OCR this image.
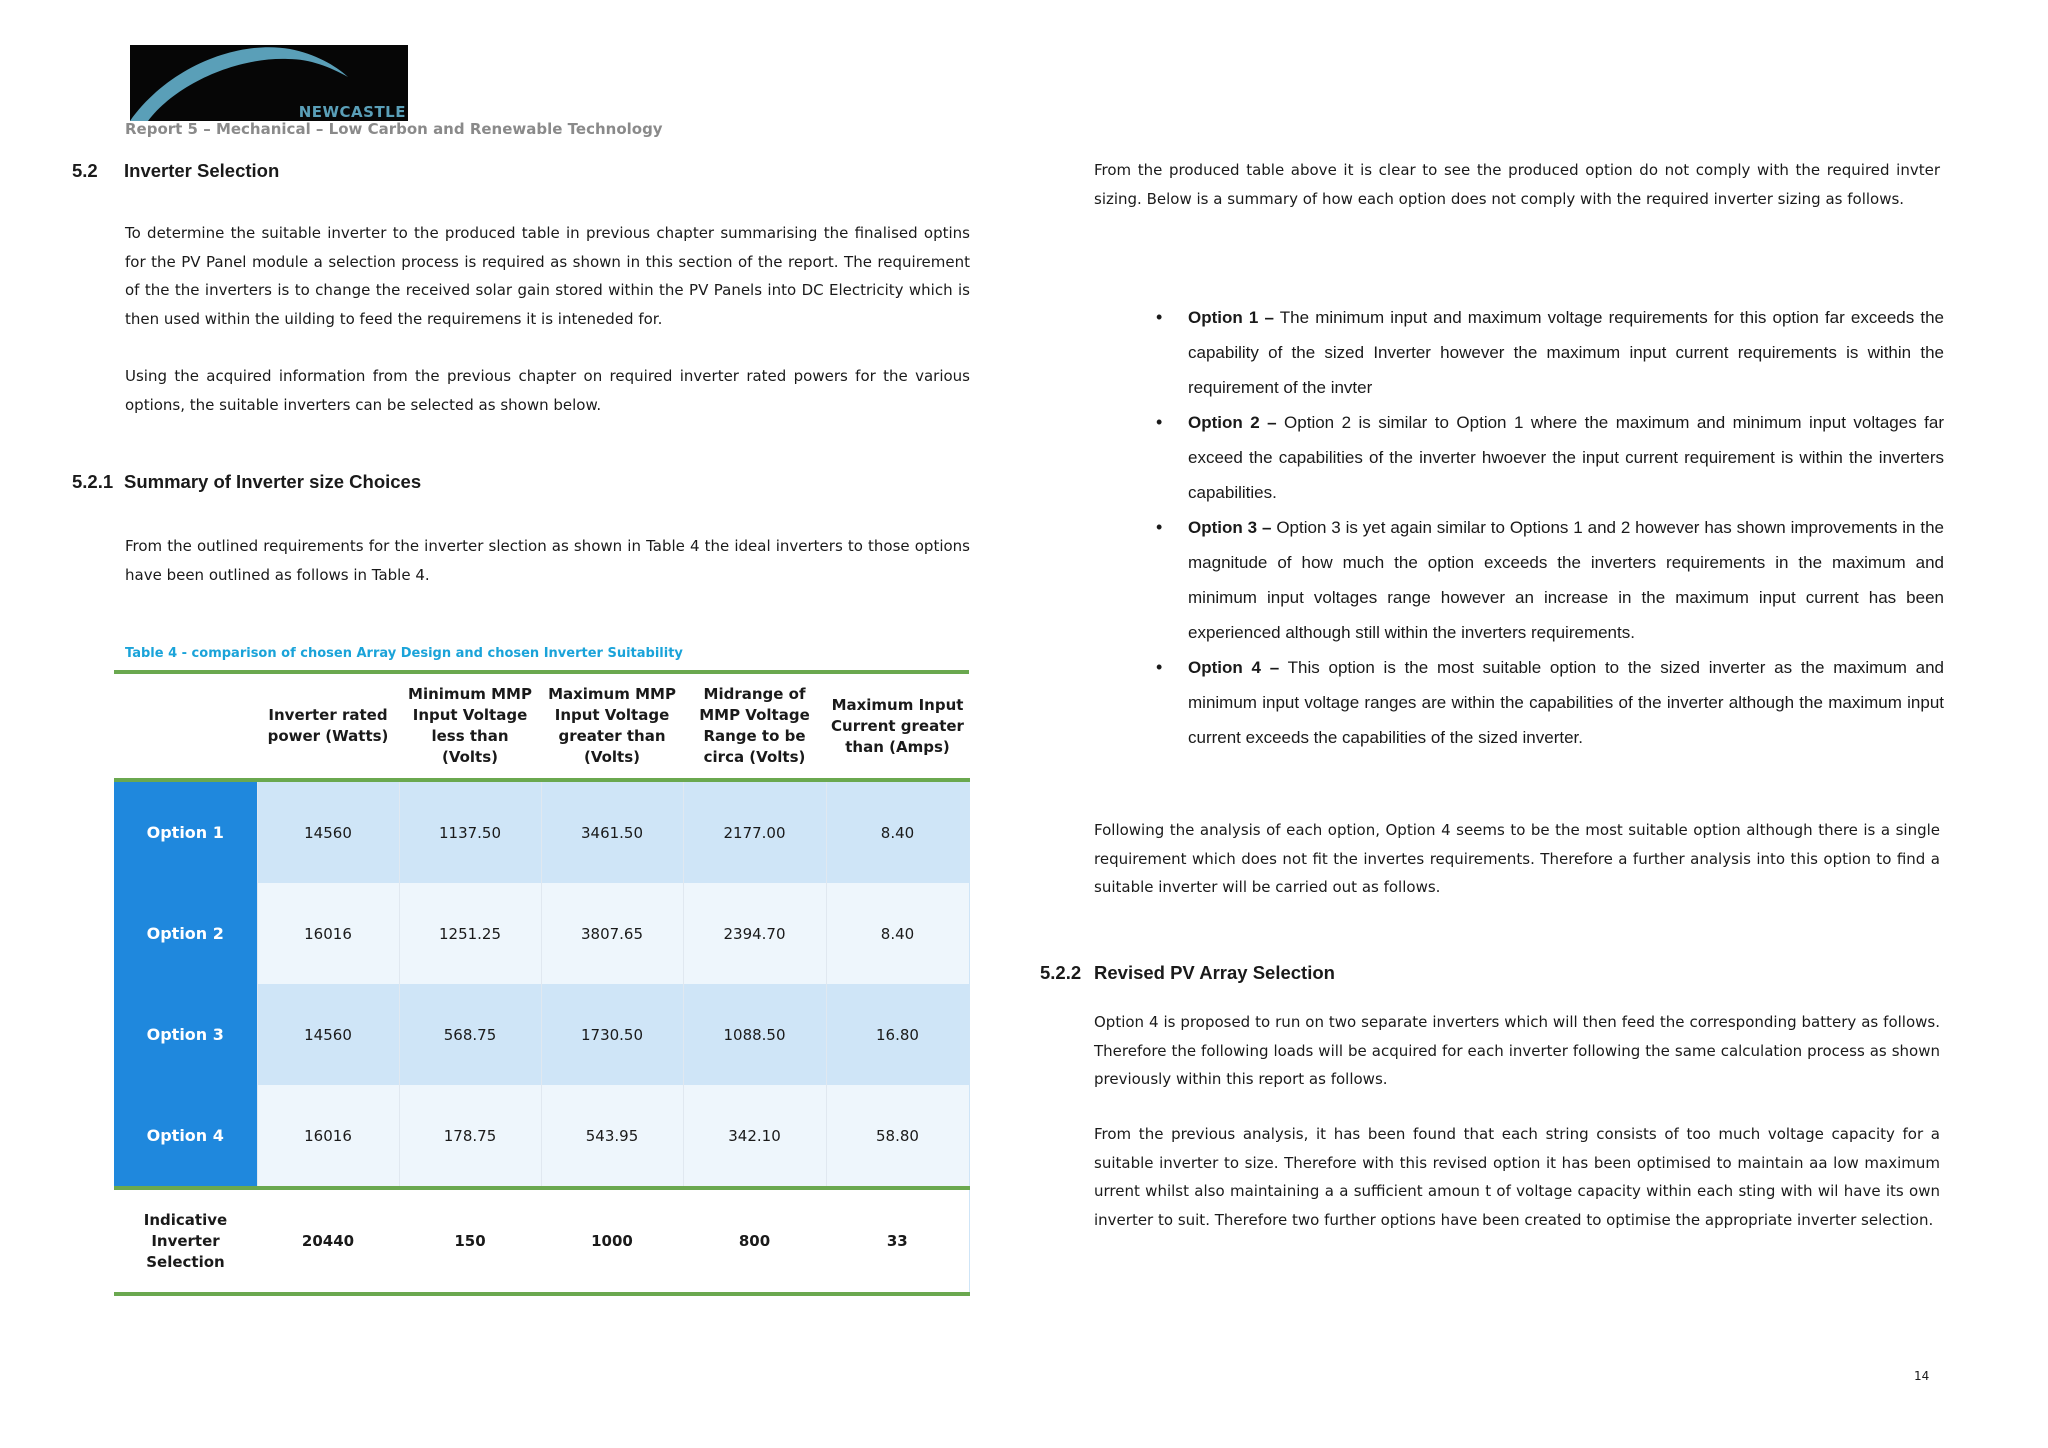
NEWCASTLE
Report 5 – Mechanical – Low Carbon and Renewable Technology
5.2 Inverter Selection
To determine the suitable inverter to the produced table in previous chapter summarising the finalised optins for the PV Panel module a selection process is required as shown in this section of the report. The requirement of the the inverters is to change the received solar gain stored within the PV Panels into DC Electricity which is then used within the uilding to feed the requiremens it is inteneded for.
Using the acquired information from the previous chapter on required inverter rated powers for the various options, the suitable inverters can be selected as shown below.
5.2.1 Summary of Inverter size Choices
From the outlined requirements for the inverter slection as shown in Table 4 the ideal inverters to those options have been outlined as follows in Table 4.
Table 4 - comparison of chosen Array Design and chosen Inverter Suitability
	Inverter rated power (Watts)	Minimum MMP Input Voltage less than (Volts)	Maximum MMP Input Voltage greater than (Volts)	Midrange of MMP Voltage Range to be circa (Volts)	Maximum Input Current greater than (Amps)
Option 1	14560	1137.50	3461.50	2177.00	8.40
Option 2	16016	1251.25	3807.65	2394.70	8.40
Option 3	14560	568.75	1730.50	1088.50	16.80
Option 4	16016	178.75	543.95	342.10	58.80
Indicative Inverter Selection	20440	150	1000	800	33
From the produced table above it is clear to see the produced option do not comply with the required invter sizing. Below is a summary of how each option does not comply with the required inverter sizing as follows.
• Option 1 – The minimum input and maximum voltage requirements for this option far exceeds the capability of the sized Inverter however the maximum input current requirements is within the requirement of the invter
• Option 2 – Option 2 is similar to Option 1 where the maximum and minimum input voltages far exceed the capabilities of the inverter hwoever the input current requirement is within the inverters capabilities.
• Option 3 – Option 3 is yet again similar to Options 1 and 2 however has shown improvements in the magnitude of how much the option exceeds the inverters requirements in the maximum and minimum input voltages range however an increase in the maximum input current has been experienced although still within the inverters requirements.
• Option 4 – This option is the most suitable option to the sized inverter as the maximum and minimum input voltage ranges are within the capabilities of the inverter although the maximum input current exceeds the capabilities of the sized inverter.
Following the analysis of each option, Option 4 seems to be the most suitable option although there is a single requirement which does not fit the invertes requirements. Therefore a further analysis into this option to find a suitable inverter will be carried out as follows.
5.2.2 Revised PV Array Selection
Option 4 is proposed to run on two separate inverters which will then feed the corresponding battery as follows. Therefore the following loads will be acquired for each inverter following the same calculation process as shown previously within this report as follows.
From the previous analysis, it has been found that each string consists of too much voltage capacity for a suitable inverter to size. Therefore with this revised option it has been optimised to maintain aa low maximum urrent whilst also maintaining a a sufficient amoun t of voltage capacity within each sting with wil have its own inverter to suit. Therefore two further options have been created to optimise the appropriate inverter selection.
14
